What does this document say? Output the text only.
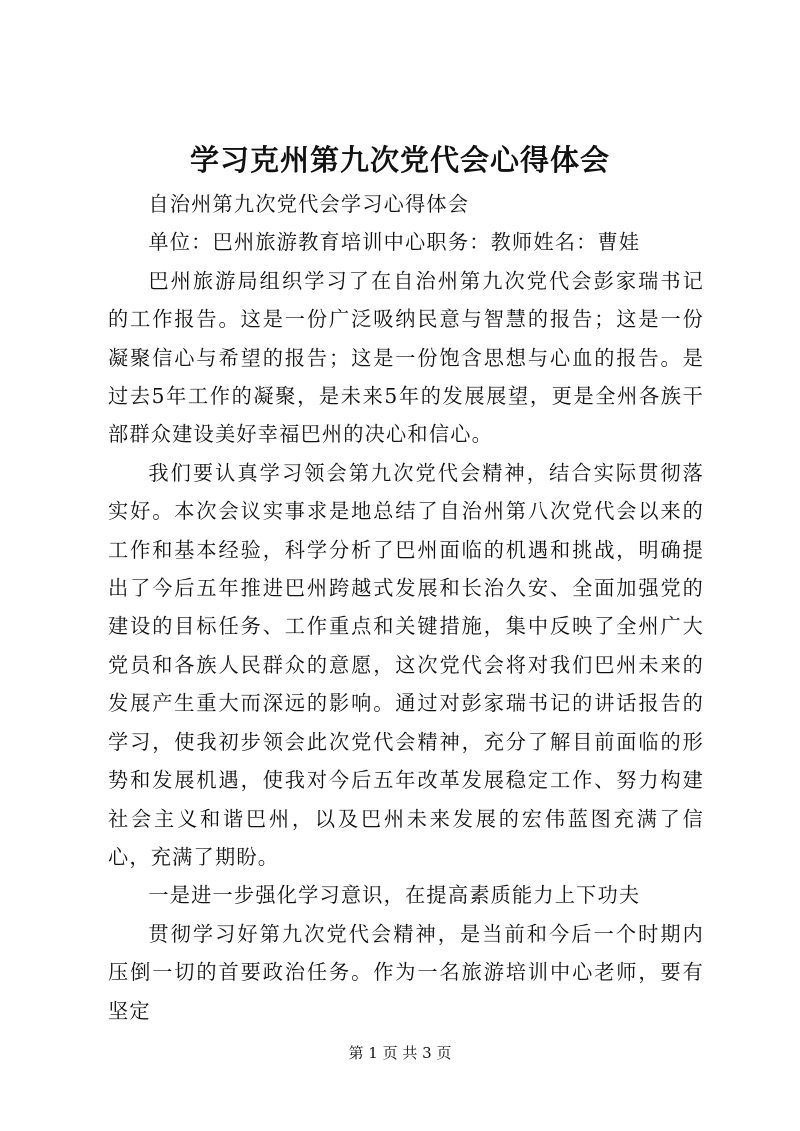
学习克州第九次党代会心得体会

自治州第九次党代会学习心得体会

单位：巴州旅游教育培训中心职务：教师姓名：曹娃

巴州旅游局组织学习了在自治州第九次党代会彭家瑞书记的工作报告。这是一份广泛吸纳民意与智慧的报告；这是一份凝聚信心与希望的报告；这是一份饱含思想与心血的报告。是过去5年工作的凝聚，是未来5年的发展展望，更是全州各族干部群众建设美好幸福巴州的决心和信心。

我们要认真学习领会第九次党代会精神，结合实际贯彻落实好。本次会议实事求是地总结了自治州第八次党代会以来的工作和基本经验，科学分析了巴州面临的机遇和挑战，明确提出了今后五年推进巴州跨越式发展和长治久安、全面加强党的建设的目标任务、工作重点和关键措施，集中反映了全州广大党员和各族人民群众的意愿，这次党代会将对我们巴州未来的发展产生重大而深远的影响。通过对彭家瑞书记的讲话报告的学习，使我初步领会此次党代会精神，充分了解目前面临的形势和发展机遇，使我对今后五年改革发展稳定工作、努力构建社会主义和谐巴州，以及巴州未来发展的宏伟蓝图充满了信心，充满了期盼。

一是进一步强化学习意识，在提高素质能力上下功夫

贯彻学习好第九次党代会精神，是当前和今后一个时期内压倒一切的首要政治任务。作为一名旅游培训中心老师，要有坚定

第 1 页 共 3 页
